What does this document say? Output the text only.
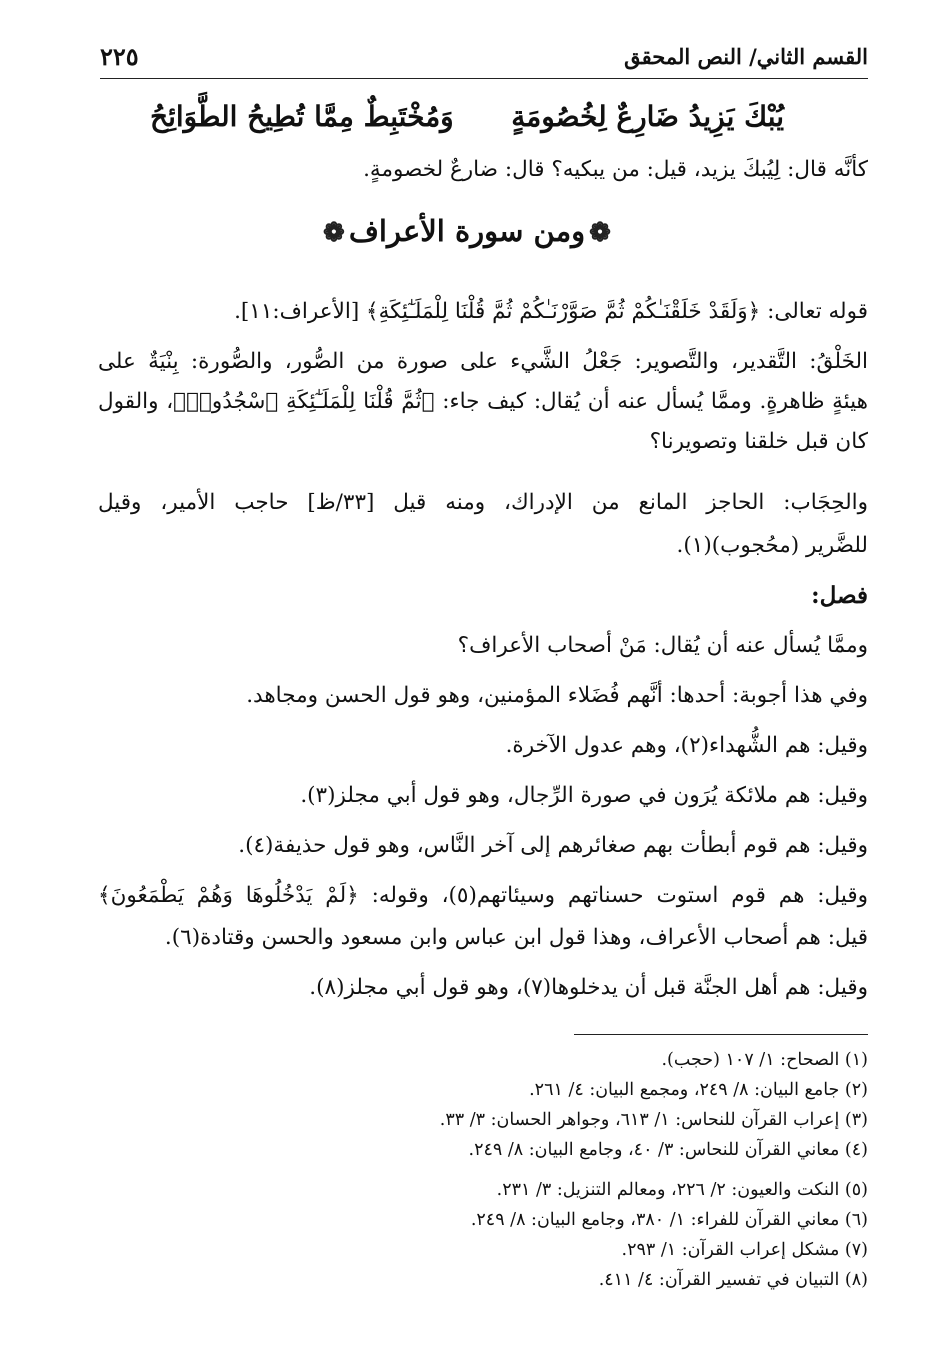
القسم الثاني/ النص المحقق
٢٢٥
يُبْكَ يَزِيدُ ضَارِعٌ لِخُصُومَةٍ
وَمُخْتَبِطٌ مِمَّا تُطِيحُ الطَّوَائِحُ
كأنَّه قال: لِيُبكَ يزيد، قيل: من يبكيه؟ قال: ضارعٌ لخصومةٍ.
❁ومن سورة الأعراف❁
قوله تعالى: ﴿وَلَقَدْ خَلَقْنَـٰكُمْ ثُمَّ صَوَّرْنَـٰكُمْ ثُمَّ قُلْنَا لِلْمَلَـٰٓئِكَةِ﴾ [الأعراف:١١].
الخَلْقُ: التَّقدير، والتَّصوير: جَعْلُ الشَّيء على صورة من الصُّور، والصُّورة: بِنْيَةٌ على
هيئةٍ ظاهرةٍ. وممَّا يُسأل عنه أن يُقال: كيف جاء: ﴿ثُمَّ قُلْنَا لِلْمَلَـٰٓئِكَةِ ٱسْجُدُوا۟﴾، والقول
كان قبل خلقنا وتصويرنا؟
والحِجَاب: الحاجز المانع من الإدراك، ومنه قيل [٣٣/ظ] حاجب الأمير، وقيل
للضَّرير (محُجوب)(١).
فصل:
وممَّا يُسأل عنه أن يُقال: مَنْ أصحاب الأعراف؟
وفي هذا أجوبة: أحدها: أنَّهم فُضَلاء المؤمنين، وهو قول الحسن ومجاهد.
وقيل: هم الشُّهداء(٢)، وهم عدول الآخرة.
وقيل: هم ملائكة يُرَون في صورة الرِّجال، وهو قول أبي مجلز(٣).
وقيل: هم قوم أبطأت بهم صغائرهم إلى آخر النَّاس، وهو قول حذيفة(٤).
وقيل: هم قوم استوت حسناتهم وسيئاتهم(٥)، وقوله: ﴿لَمْ يَدْخُلُوهَا وَهُمْ يَطْمَعُونَ﴾
قيل: هم أصحاب الأعراف، وهذا قول ابن عباس وابن مسعود والحسن وقتادة(٦).
وقيل: هم أهل الجنَّة قبل أن يدخلوها(٧)، وهو قول أبي مجلز(٨).
(١) الصحاح: ١/ ١٠٧ (حجب).
(٢) جامع البيان: ٨/ ٢٤٩، ومجمع البيان: ٤/ ٢٦١.
(٣) إعراب القرآن للنحاس: ١/ ٦١٣، وجواهر الحسان: ٣/ ٣٣.
(٤) معاني القرآن للنحاس: ٣/ ٤٠، وجامع البيان: ٨/ ٢٤٩.
(٥) النكت والعيون: ٢/ ٢٢٦، ومعالم التنزيل: ٣/ ٢٣١.
(٦) معاني القرآن للفراء: ١/ ٣٨٠، وجامع البيان: ٨/ ٢٤٩.
(٧) مشكل إعراب القرآن: ١/ ٢٩٣.
(٨) التبيان في تفسير القرآن: ٤/ ٤١١.
